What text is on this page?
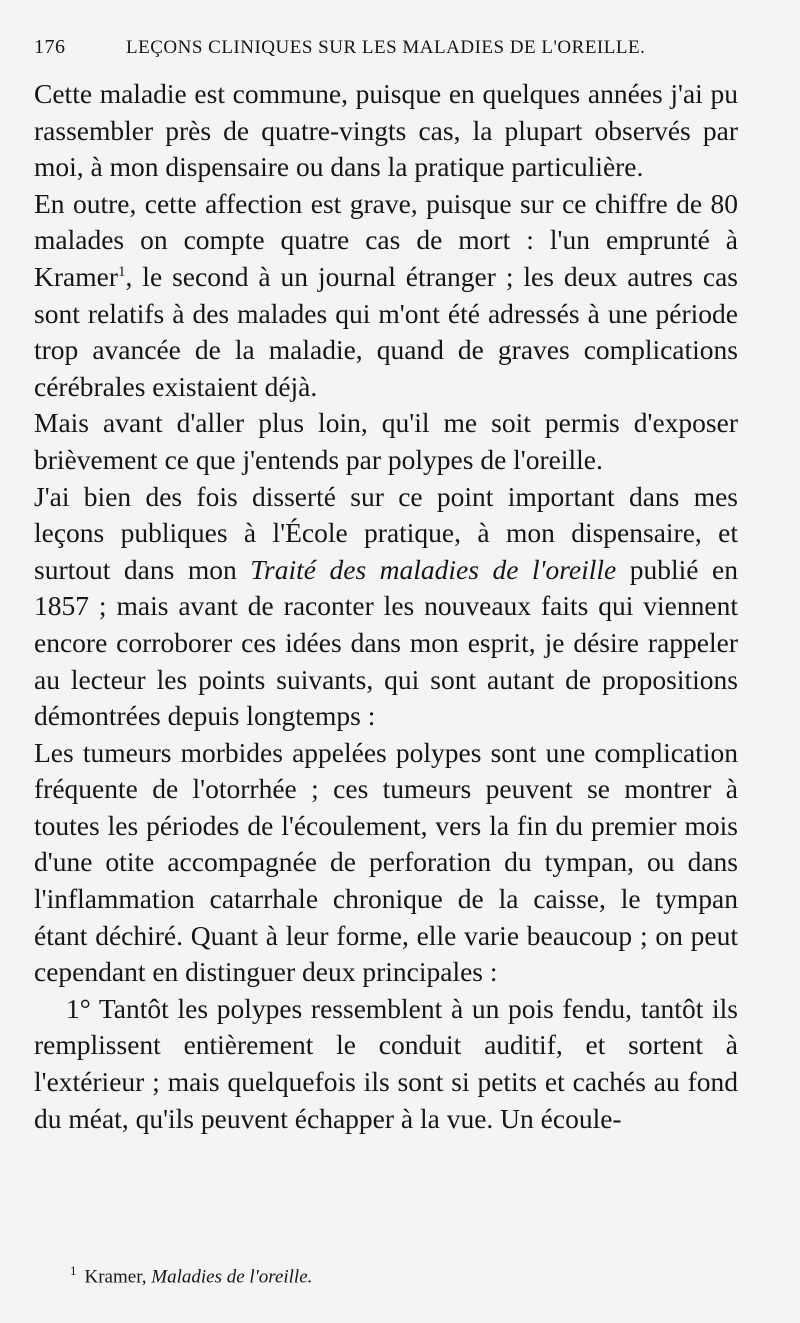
176	LEÇONS CLINIQUES SUR LES MALADIES DE L'OREILLE.

Cette maladie est commune, puisque en quelques années j'ai pu rassembler près de quatre-vingts cas, la plupart observés par moi, à mon dispensaire ou dans la pratique particulière.

En outre, cette affection est grave, puisque sur ce chiffre de 80 malades on compte quatre cas de mort : l'un emprunté à Kramer$^1$, le second à un journal étranger ; les deux autres cas sont relatifs à des malades qui m'ont été adressés à une période trop avancée de la maladie, quand de graves complications cérébrales existaient déjà.

Mais avant d'aller plus loin, qu'il me soit permis d'exposer brièvement ce que j'entends par polypes de l'oreille.

J'ai bien des fois disserté sur ce point important dans mes leçons publiques à l'École pratique, à mon dispensaire, et surtout dans mon Traité des maladies de l'oreille publié en 1857 ; mais avant de raconter les nouveaux faits qui viennent encore corroborer ces idées dans mon esprit, je désire rappeler au lecteur les points suivants, qui sont autant de propositions démontrées depuis longtemps :

Les tumeurs morbides appelées polypes sont une complication fréquente de l'otorrhée ; ces tumeurs peuvent se montrer à toutes les périodes de l'écoulement, vers la fin du premier mois d'une otite accompagnée de perforation du tympan, ou dans l'inflammation catarrhale chronique de la caisse, le tympan étant déchiré. Quant à leur forme, elle varie beaucoup ; on peut cependant en distinguer deux principales :

1° Tantôt les polypes ressemblent à un pois fendu, tantôt ils remplissent entièrement le conduit auditif, et sortent à l'extérieur ; mais quelquefois ils sont si petits et cachés au fond du méat, qu'ils peuvent échapper à la vue. Un écoule-

$^1$ Kramer, Maladies de l'oreille.
